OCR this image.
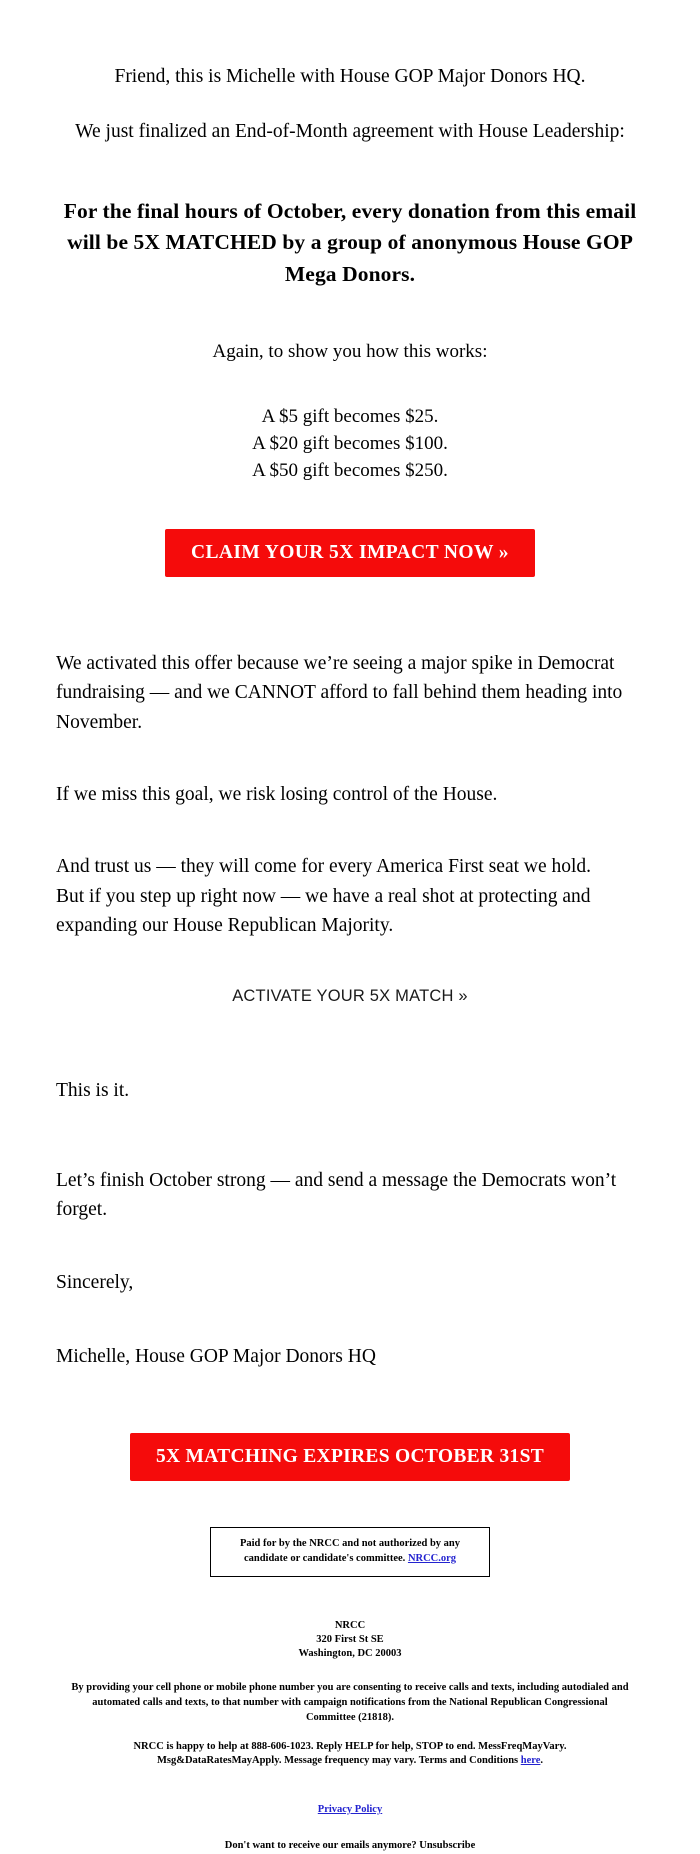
Friend, this is Michelle with House GOP Major Donors HQ.

We just finalized an End-of-Month agreement with House Leadership:

For the final hours of October, every donation from this email will be 5X MATCHED by a group of anonymous House GOP Mega Donors.

Again, to show you how this works:

A $5 gift becomes $25.
A $20 gift becomes $100.
A $50 gift becomes $250.
CLAIM YOUR 5X IMPACT NOW »

We activated this offer because we’re seeing a major spike in Democrat fundraising — and we CANNOT afford to fall behind them heading into November.

If we miss this goal, we risk losing control of the House.

And trust us — they will come for every America First seat we hold.
But if you step up right now — we have a real shot at protecting and expanding our House Republican Majority.
ACTIVATE YOUR 5X MATCH »

This is it.

Let’s finish October strong — and send a message the Democrats won’t forget.

Sincerely,

Michelle, House GOP Major Donors HQ

5X MATCHING EXPIRES OCTOBER 31ST
Paid for by the NRCC and not authorized by any candidate or candidate's committee. NRCC.org
NRCC
320 First St SE
Washington, DC 20003
By providing your cell phone or mobile phone number you are consenting to receive calls and texts, including autodialed and automated calls and texts, to that number with campaign notifications from the National Republican Congressional Committee (21818).
NRCC is happy to help at 888-606-1023. Reply HELP for help, STOP to end. MessFreqMayVary. Msg&DataRatesMayApply. Message frequency may vary. Terms and Conditions here.
Privacy Policy
Don't want to receive our emails anymore? Unsubscribe
